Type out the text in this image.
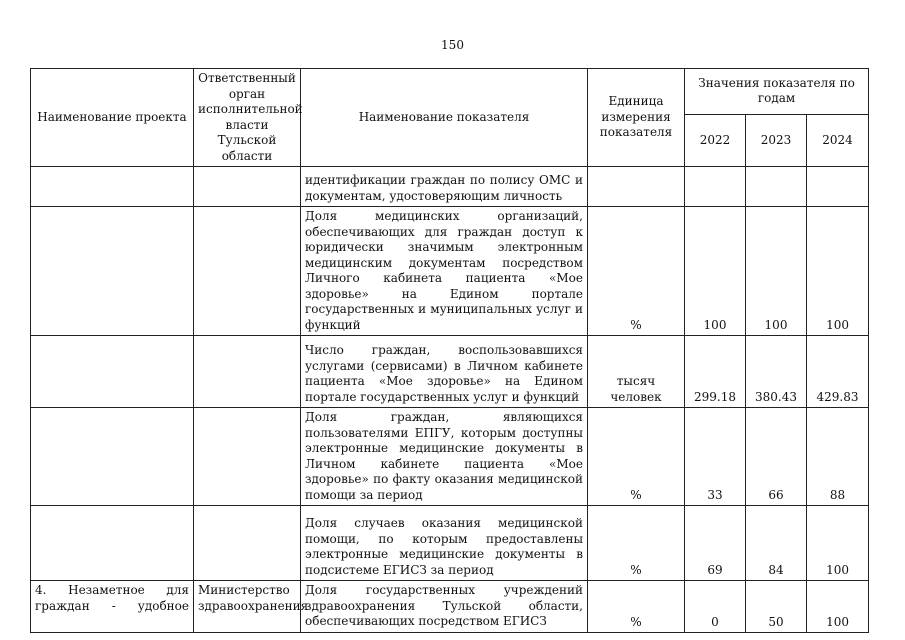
150
Наименование проекта	Ответственный орган исполнительной власти Тульской области	Наименование показателя	Единица измерения показателя	Значения показателя по годам		
				2022	2023	2024
		идентификации граждан по полису ОМС и документам, удостоверяющим личность				
		Доля медицинских организаций, обеспечивающих для граждан доступ к юридически значимым электронным медицинским документам посредством Личного кабинета пациента «Мое здоровье» на Едином портале государственных и муниципальных услуг и функций	%	100	100	100
		Число граждан, воспользовавшихся услугами (сервисами) в Личном кабинете пациента «Мое здоровье» на Едином портале государственных услуг и функций	тысяч человек	299.18	380.43	429.83
		Доля граждан, являющихся пользователями ЕПГУ, которым доступны электронные медицинские документы в Личном кабинете пациента «Мое здоровье» по факту оказания медицинской помощи за период	%	33	66	88
		Доля случаев оказания медицинской помощи, по которым предоставлены электронные медицинские документы в подсистеме ЕГИСЗ за период	%	69	84	100
4. Незаметное для граждан - удобное	Министерство здравоохранения	Доля государственных учреждений здравоохранения Тульской области, обеспечивающих посредством ЕГИСЗ	%	0	50	100
